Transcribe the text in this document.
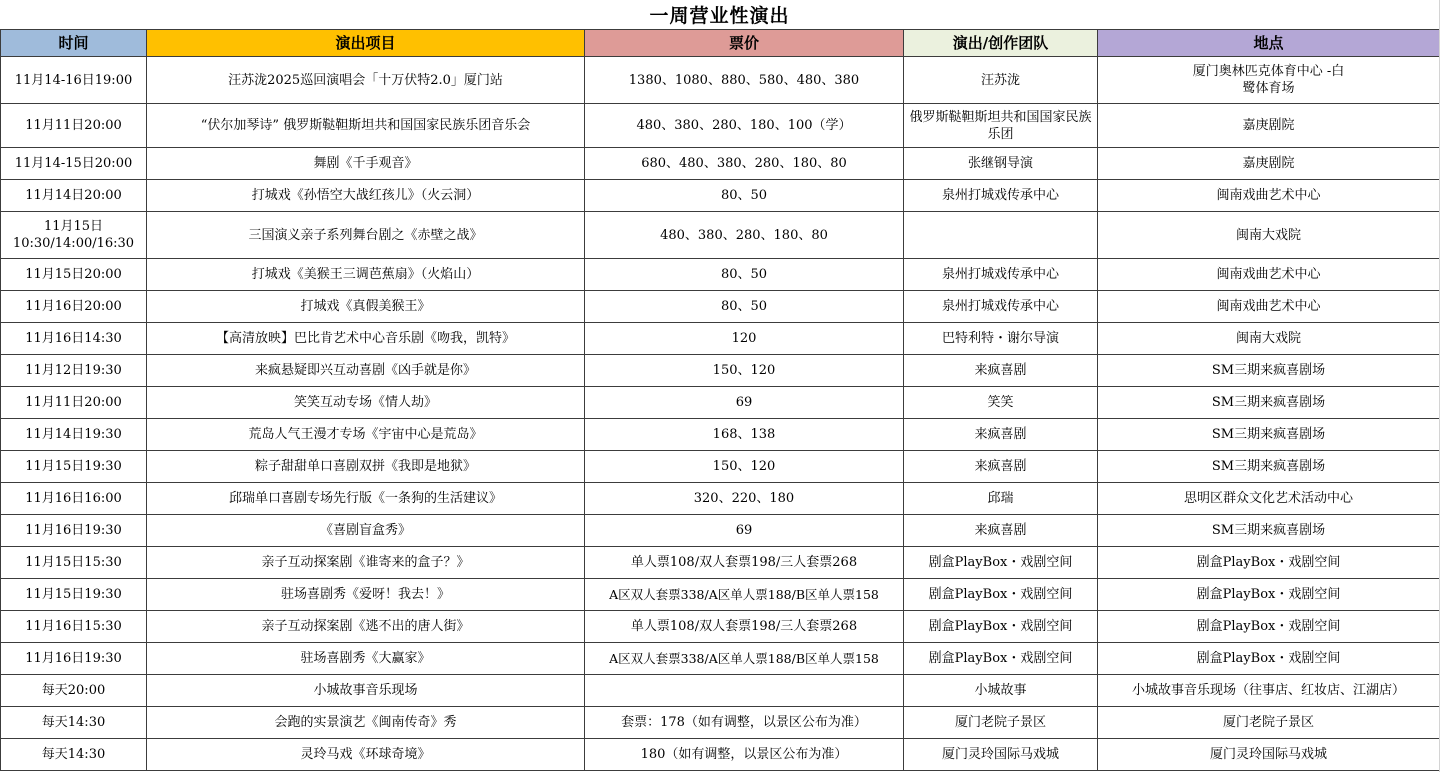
一周营业性演出
时间	演出项目	票价	演出/创作团队	地点
11月14-16日19:00	汪苏泷2025巡回演唱会「十万伏特2.0」厦门站	1380、1080、880、580、480、380	汪苏泷	厦门奥林匹克体育中心 -白鹭体育场
11月11日20:00	“伏尔加琴诗” 俄罗斯鞑靼斯坦共和国国家民族乐团音乐会	480、380、280、180、100（学）	俄罗斯鞑靼斯坦共和国国家民族乐团	嘉庚剧院
11月14-15日20:00	舞剧《千手观音》	680、480、380、280、180、80	张继钢导演	嘉庚剧院
11月14日20:00	打城戏《孙悟空大战红孩儿》（火云洞）	80、50	泉州打城戏传承中心	闽南戏曲艺术中心
11月15日 10:30/14:00/16:30	三国演义亲子系列舞台剧之《赤壁之战》	480、380、280、180、80		闽南大戏院
11月15日20:00	打城戏《美猴王三调芭蕉扇》（火焰山）	80、50	泉州打城戏传承中心	闽南戏曲艺术中心
11月16日20:00	打城戏《真假美猴王》	80、50	泉州打城戏传承中心	闽南戏曲艺术中心
11月16日14:30	【高清放映】巴比肯艺术中心音乐剧《吻我，凯特》	120	巴特利特・谢尔导演	闽南大戏院
11月12日19:30	来疯悬疑即兴互动喜剧《凶手就是你》	150、120	来疯喜剧	SM三期来疯喜剧场
11月11日20:00	笑笑互动专场《情人劫》	69	笑笑	SM三期来疯喜剧场
11月14日19:30	荒岛人气王漫才专场《宇宙中心是荒岛》	168、138	来疯喜剧	SM三期来疯喜剧场
11月15日19:30	粽子甜甜单口喜剧双拼《我即是地狱》	150、120	来疯喜剧	SM三期来疯喜剧场
11月16日16:00	邱瑞单口喜剧专场先行版《一条狗的生活建议》	320、220、180	邱瑞	思明区群众文化艺术活动中心
11月16日19:30	《喜剧盲盒秀》	69	来疯喜剧	SM三期来疯喜剧场
11月15日15:30	亲子互动探案剧《谁寄来的盒子？》	单人票108/双人套票198/三人套票268	剧盒PlayBox・戏剧空间	剧盒PlayBox・戏剧空间
11月15日19:30	驻场喜剧秀《爱呀！我去！》	A区双人套票338/A区单人票188/B区单人票158	剧盒PlayBox・戏剧空间	剧盒PlayBox・戏剧空间
11月16日15:30	亲子互动探案剧《逃不出的唐人街》	单人票108/双人套票198/三人套票268	剧盒PlayBox・戏剧空间	剧盒PlayBox・戏剧空间
11月16日19:30	驻场喜剧秀《大赢家》	A区双人套票338/A区单人票188/B区单人票158	剧盒PlayBox・戏剧空间	剧盒PlayBox・戏剧空间
每天20:00	小城故事音乐现场		小城故事	小城故事音乐现场（往事店、红妆店、江湖店）
每天14:30	会跑的实景演艺《闽南传奇》秀	套票：178（如有调整，以景区公布为准）	厦门老院子景区	厦门老院子景区
每天14:30	灵玲马戏《环球奇境》	180（如有调整，以景区公布为准）	厦门灵玲国际马戏城	厦门灵玲国际马戏城
